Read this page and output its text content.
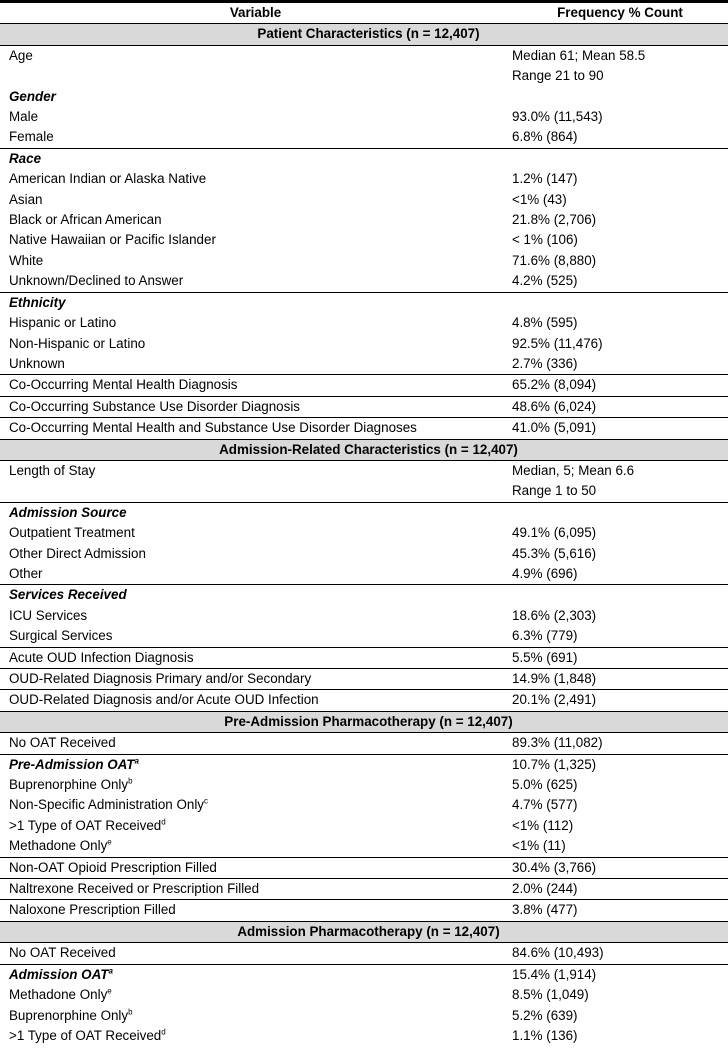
Variable	Frequency % Count
Patient Characteristics (n = 12,407)	
Age	Median 61; Mean 58.5
Range 21 to 90

Gender	
Male	93.0% (11,543)

Female	6.8% (864)

Race	
American Indian or Alaska Native	1.2% (147)

Asian	<1% (43)

Black or African American	21.8% (2,706)

Native Hawaiian or Pacific Islander	< 1% (106)

White	71.6% (8,880)

Unknown/Declined to Answer	4.2% (525)

Ethnicity	
Hispanic or Latino	4.8% (595)

Non-Hispanic or Latino	92.5% (11,476)

Unknown	2.7% (336)

Co-Occurring Mental Health Diagnosis	65.2% (8,094)

Co-Occurring Substance Use Disorder Diagnosis	48.6% (6,024)

Co-Occurring Mental Health and Substance Use Disorder Diagnoses	41.0% (5,091)

Admission-Related Characteristics (n = 12,407)	
Length of Stay	Median, 5; Mean 6.6
Range 1 to 50

Admission Source	
Outpatient Treatment	49.1% (6,095)

Other Direct Admission	45.3% (5,616)

Other	4.9% (696)

Services Received	
ICU Services	18.6% (2,303)

Surgical Services	6.3% (779)

Acute OUD Infection Diagnosis	5.5% (691)

OUD-Related Diagnosis Primary and/or Secondary	14.9% (1,848)

OUD-Related Diagnosis and/or Acute OUD Infection	20.1% (2,491)

Pre-Admission Pharmacotherapy (n = 12,407)	
No OAT Received	89.3% (11,082)

Pre-Admission OAT$^a$	10.7% (1,325)

Buprenorphine Only$^b$	5.0% (625)

Non-Specific Administration Only$^c$	4.7% (577)

>1 Type of OAT Received$^d$	<1% (112)

Methadone Only$^e$	<1% (11)

Non-OAT Opioid Prescription Filled	30.4% (3,766)

Naltrexone Received or Prescription Filled	2.0% (244)

Naloxone Prescription Filled	3.8% (477)

Admission Pharmacotherapy (n = 12,407)	
No OAT Received	84.6% (10,493)

Admission OAT$^a$	15.4% (1,914)

Methadone Only$^e$	8.5% (1,049)

Buprenorphine Only$^b$	5.2% (639)

>1 Type of OAT Received$^d$	1.1% (136)
